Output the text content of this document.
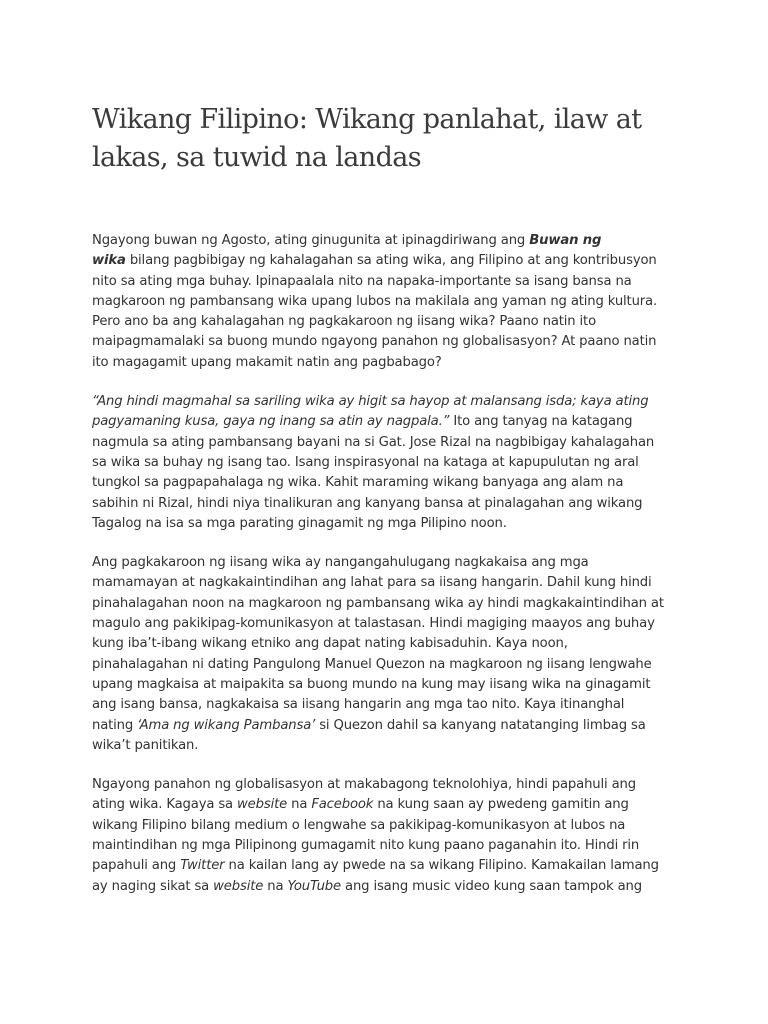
Wikang Filipino: Wikang panlahat, ilaw at
lakas, sa tuwid na landas

Ngayong buwan ng Agosto, ating ginugunita at ipinagdiriwang ang Buwan ng
wika bilang pagbibigay ng kahalagahan sa ating wika, ang Filipino at ang kontribusyon
nito sa ating mga buhay. Ipinapaalala nito na napaka-importante sa isang bansa na
magkaroon ng pambansang wika upang lubos na makilala ang yaman ng ating kultura.
Pero ano ba ang kahalagahan ng pagkakaroon ng iisang wika? Paano natin ito
maipagmamalaki sa buong mundo ngayong panahon ng globalisasyon? At paano natin
ito magagamit upang makamit natin ang pagbabago?

“Ang hindi magmahal sa sariling wika ay higit sa hayop at malansang isda; kaya ating
pagyamaning kusa, gaya ng inang sa atin ay nagpala.” Ito ang tanyag na katagang
nagmula sa ating pambansang bayani na si Gat. Jose Rizal na nagbibigay kahalagahan
sa wika sa buhay ng isang tao. Isang inspirasyonal na kataga at kapupulutan ng aral
tungkol sa pagpapahalaga ng wika. Kahit maraming wikang banyaga ang alam na
sabihin ni Rizal, hindi niya tinalikuran ang kanyang bansa at pinalagahan ang wikang
Tagalog na isa sa mga parating ginagamit ng mga Pilipino noon.

Ang pagkakaroon ng iisang wika ay nangangahulugang nagkakaisa ang mga
mamamayan at nagkakaintindihan ang lahat para sa iisang hangarin. Dahil kung hindi
pinahalagahan noon na magkaroon ng pambansang wika ay hindi magkakaintindihan at
magulo ang pakikipag-komunikasyon at talastasan. Hindi magiging maayos ang buhay
kung iba’t-ibang wikang etniko ang dapat nating kabisaduhin. Kaya noon,
pinahalagahan ni dating Pangulong Manuel Quezon na magkaroon ng iisang lengwahe
upang magkaisa at maipakita sa buong mundo na kung may iisang wika na ginagamit
ang isang bansa, nagkakaisa sa iisang hangarin ang mga tao nito. Kaya itinanghal
nating ‘Ama ng wikang Pambansa’ si Quezon dahil sa kanyang natatanging limbag sa
wika’t panitikan.

Ngayong panahon ng globalisasyon at makabagong teknolohiya, hindi papahuli ang
ating wika. Kagaya sa website na Facebook na kung saan ay pwedeng gamitin ang
wikang Filipino bilang medium o lengwahe sa pakikipag-komunikasyon at lubos na
maintindihan ng mga Pilipinong gumagamit nito kung paano paganahin ito. Hindi rin
papahuli ang Twitter na kailan lang ay pwede na sa wikang Filipino. Kamakailan lamang
ay naging sikat sa website na YouTube ang isang music video kung saan tampok ang
